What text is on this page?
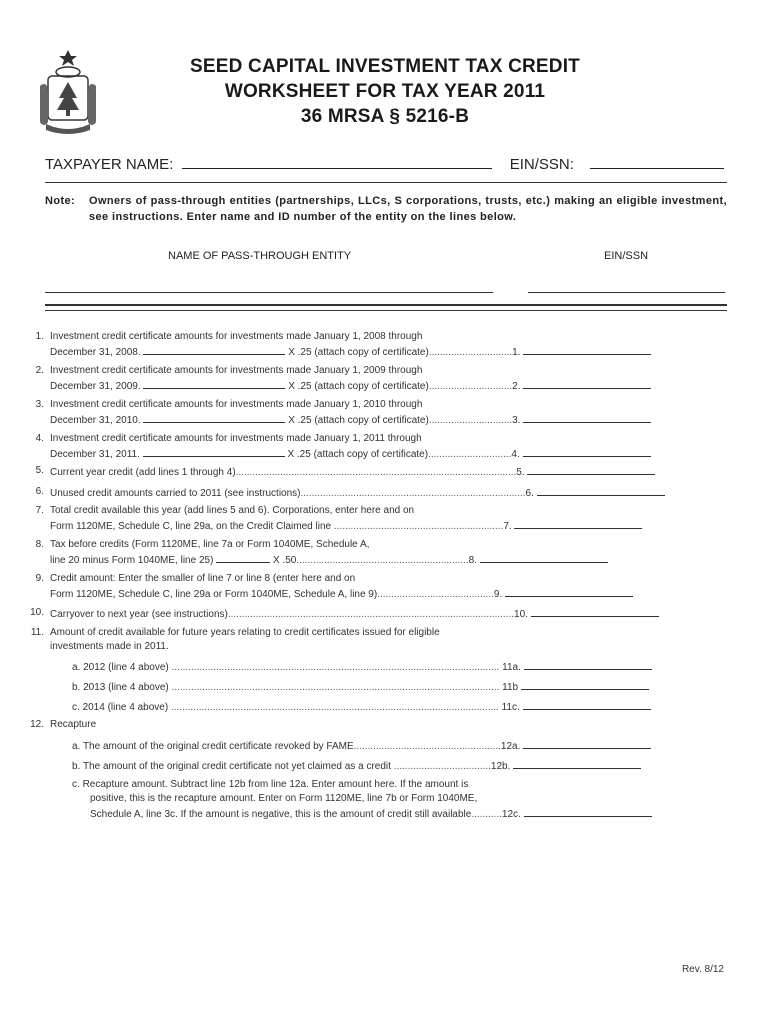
SEED CAPITAL INVESTMENT TAX CREDIT
WORKSHEET FOR TAX YEAR 2011
36 MRSA § 5216-B
TAXPAYER NAME:	EIN/SSN:
Note: Owners of pass-through entities (partnerships, LLCs, S corporations, trusts, etc.) making an eligible investment, see instructions. Enter name and ID number of the entity on the lines below.
NAME OF PASS-THROUGH ENTITY	EIN/SSN
1. Investment credit certificate amounts for investments made January 1, 2008 through
December 31, 2008.	X .25 (attach copy of certificate)..............................1.
2. Investment credit certificate amounts for investments made January 1, 2009 through
December 31, 2009.	X .25 (attach copy of certificate)..............................2.
3. Investment credit certificate amounts for investments made January 1, 2010 through
December 31, 2010.	X .25 (attach copy of certificate)..............................3.
4. Investment credit certificate amounts for investments made January 1, 2011 through
December 31, 2011.	X .25 (attach copy of certificate)..............................4.
5. Current year credit (add lines 1 through 4).....................................................................................................5.
6. Unused credit amounts carried to 2011 (see instructions).................................................................................6.
7. Total credit available this year (add lines 5 and 6). Corporations, enter here and on
Form 1120ME, Schedule C, line 29a, on the Credit Claimed line .............................................................7.
8. Tax before credits (Form 1120ME, line 7a or Form 1040ME, Schedule A,
line 20 minus Form 1040ME, line 25)	X .50..............................................................8.
9. Credit amount: Enter the smaller of line 7 or line 8 (enter here and on
Form 1120ME, Schedule C, line 29a or Form 1040ME, Schedule A, line 9)..........................................9.
10. Carryover to next year (see instructions).......................................................................................................10.
11. Amount of credit available for future years relating to credit certificates issued for eligible
investments made in 2011.
a. 2012 (line 4 above) ...................................................................................................................... 11a.
b. 2013 (line 4 above) ...................................................................................................................... 11b
c. 2014 (line 4 above) ...................................................................................................................... 11c.
12. Recapture
a. The amount of the original credit certificate revoked by FAME.....................................................12a.
b. The amount of the original credit certificate not yet claimed as a credit ...................................12b.
c. Recapture amount. Subtract line 12b from line 12a. Enter amount here. If the amount is
positive, this is the recapture amount. Enter on Form 1120ME, line 7b or Form 1040ME,
Schedule A, line 3c. If the amount is negative, this is the amount of credit still available...........12c.
Rev. 8/12
